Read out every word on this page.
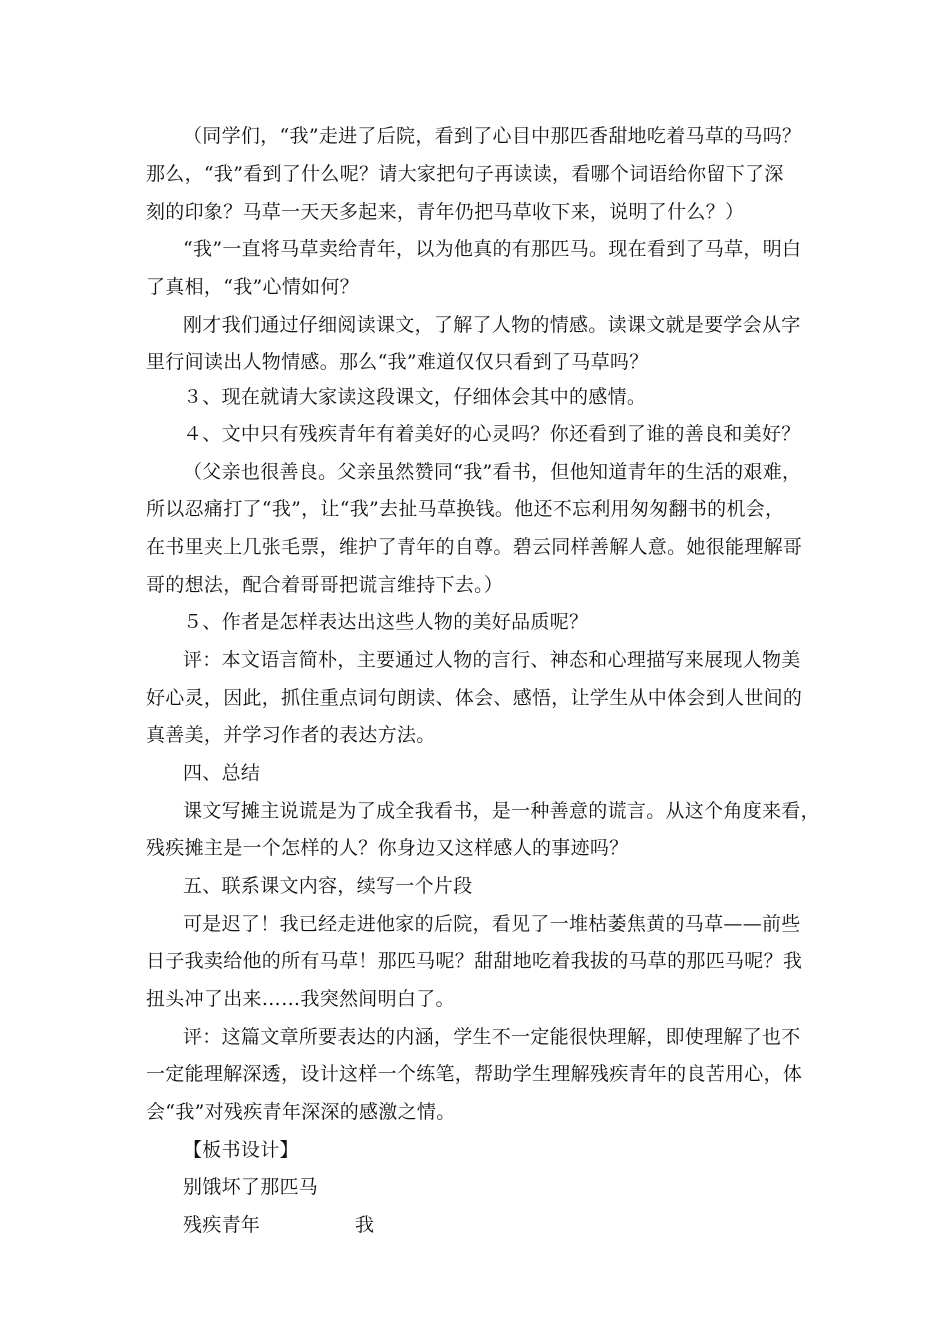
（同学们，“我”走进了后院，看到了心目中那匹香甜地吃着马草的马吗？
那么，“我”看到了什么呢？请大家把句子再读读，看哪个词语给你留下了深
刻的印象？马草一天天多起来，青年仍把马草收下来，说明了什么？）
“我”一直将马草卖给青年，以为他真的有那匹马。现在看到了马草，明白
了真相，“我”心情如何？
刚才我们通过仔细阅读课文，了解了人物的情感。读课文就是要学会从字
里行间读出人物情感。那么“我”难道仅仅只看到了马草吗？
３、现在就请大家读这段课文，仔细体会其中的感情。
４、文中只有残疾青年有着美好的心灵吗？你还看到了谁的善良和美好？
（父亲也很善良。父亲虽然赞同“我”看书，但他知道青年的生活的艰难，
所以忍痛打了“我”，让“我”去扯马草换钱。他还不忘利用匆匆翻书的机会，
在书里夹上几张毛票，维护了青年的自尊。碧云同样善解人意。她很能理解哥
哥的想法，配合着哥哥把谎言维持下去。）
５、作者是怎样表达出这些人物的美好品质呢？
评：本文语言简朴，主要通过人物的言行、神态和心理描写来展现人物美
好心灵，因此，抓住重点词句朗读、体会、感悟，让学生从中体会到人世间的
真善美，并学习作者的表达方法。
四、总结
课文写摊主说谎是为了成全我看书，是一种善意的谎言。从这个角度来看，
残疾摊主是一个怎样的人？你身边又这样感人的事迹吗？
五、联系课文内容，续写一个片段
可是迟了！我已经走进他家的后院，看见了一堆枯萎焦黄的马草——前些
日子我卖给他的所有马草！那匹马呢？甜甜地吃着我拔的马草的那匹马呢？我
扭头冲了出来……我突然间明白了。
评：这篇文章所要表达的内涵，学生不一定能很快理解，即使理解了也不
一定能理解深透，设计这样一个练笔，帮助学生理解残疾青年的良苦用心，体
会“我”对残疾青年深深的感激之情。
【板书设计】
别饿坏了那匹马
残疾青年	我
